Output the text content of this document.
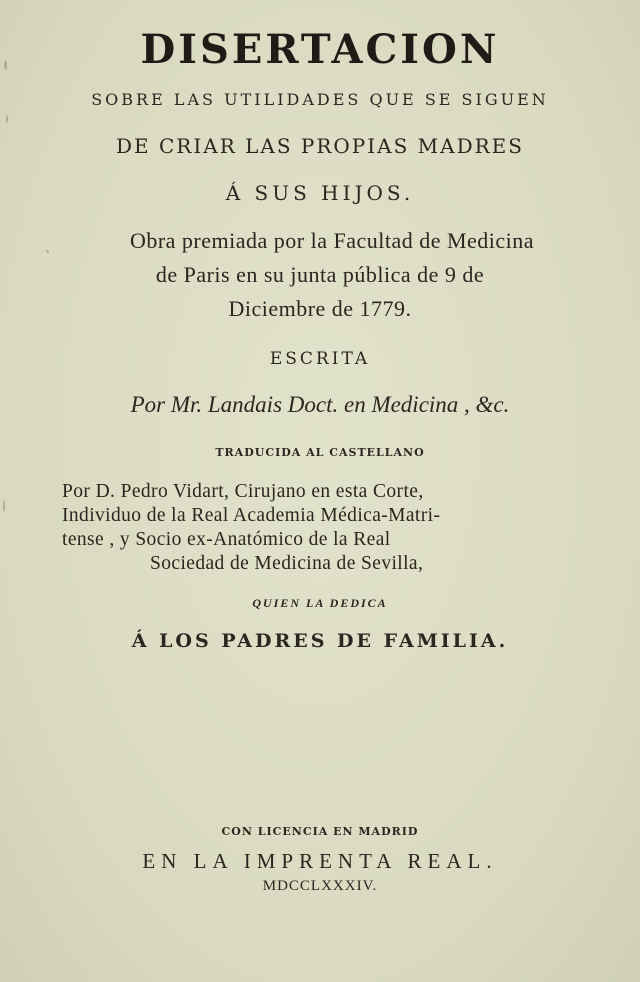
DISERTACION
SOBRE LAS UTILIDADES QUE SE SIGUEN
DE CRIAR LAS PROPIAS MADRES
Á SUS HIJOS.
Obra premiada por la Facultad de Medicina
de Paris en su junta pública de 9 de
Diciembre de 1779.
ESCRITA
Por Mr. Landais Doct. en Medicina , &c.
TRADUCIDA AL CASTELLANO
Por D. Pedro Vidart, Cirujano en esta Corte,
Individuo de la Real Academia Médica-Matri-
tense , y Socio ex-Anatómico de la Real
Sociedad de Medicina de Sevilla,
QUIEN LA DEDICA
Á LOS PADRES DE FAMILIA.
CON LICENCIA EN MADRID
EN LA IMPRENTA REAL.
MDCCLXXXIV.
